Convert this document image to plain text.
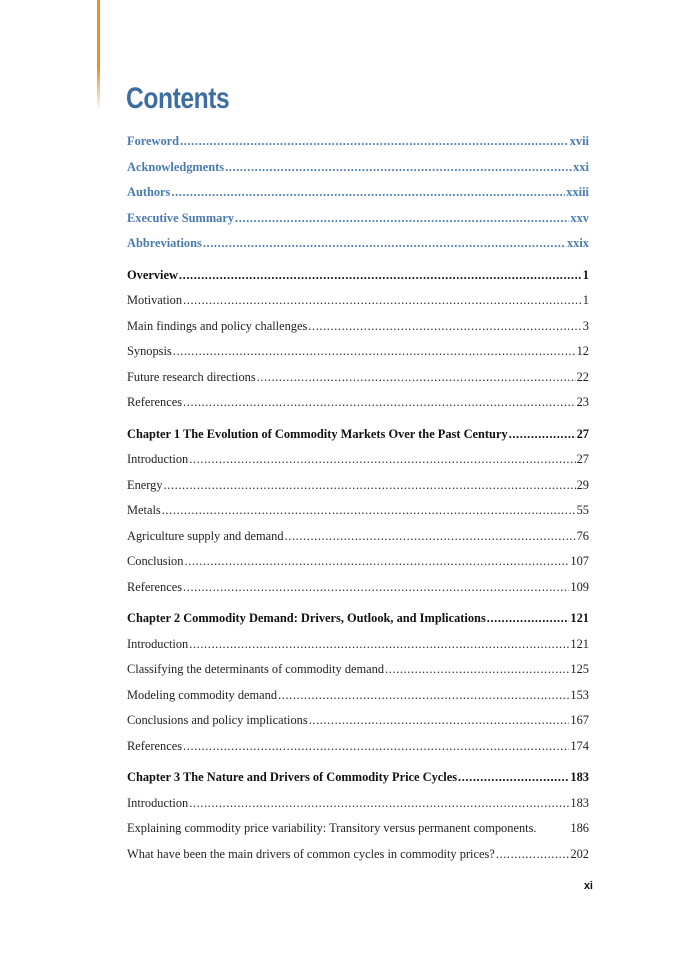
Contents
Foreword .....	xvii
Acknowledgments .....	xxi
Authors .....	xxiii
Executive Summary .....	xxv
Abbreviations .....	xxix
Overview .....	1
Motivation .....	1
Main findings and policy challenges .....	3
Synopsis .....	12
Future research directions .....	22
References .....	23
Chapter 1 The Evolution of Commodity Markets Over the Past Century .....	27
Introduction .....	27
Energy .....	29
Metals .....	55
Agriculture supply and demand .....	76
Conclusion .....	107
References .....	109
Chapter 2 Commodity Demand: Drivers, Outlook, and Implications .....	121
Introduction .....	121
Classifying the determinants of commodity demand .....	125
Modeling commodity demand .....	153
Conclusions and policy implications .....	167
References .....	174
Chapter 3 The Nature and Drivers of Commodity Price Cycles .....	183
Introduction .....	183
Explaining commodity price variability: Transitory versus permanent components.	186
What have been the main drivers of common cycles in commodity prices? .....	202
xi
